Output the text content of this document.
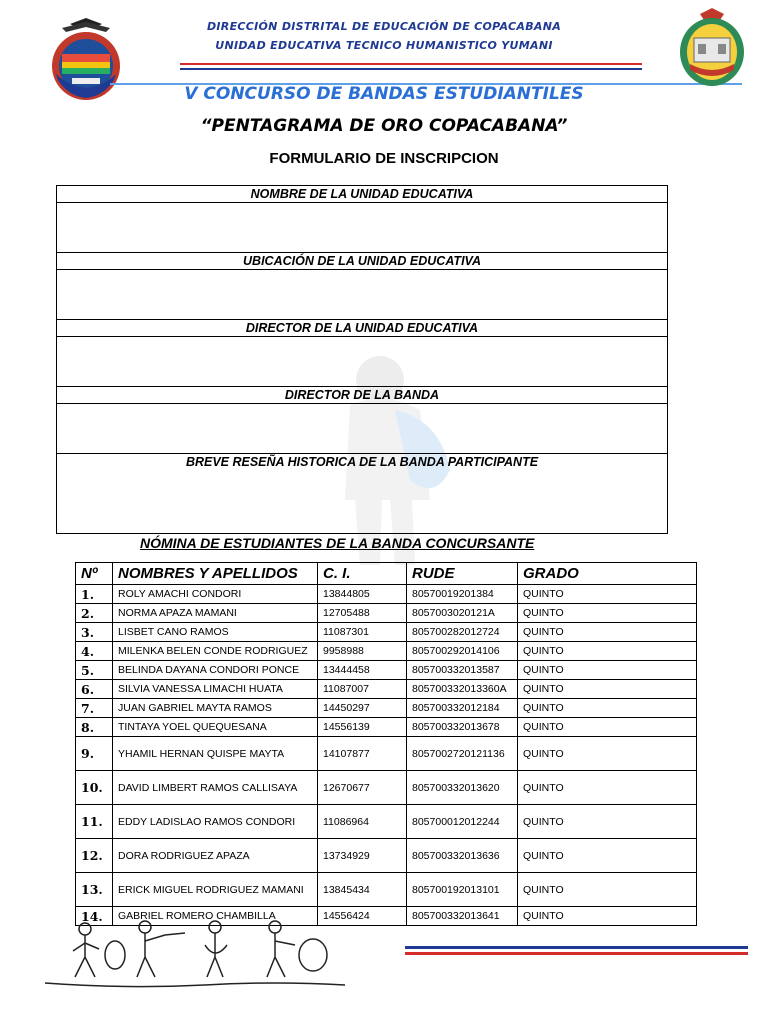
DIRECCIÓN DISTRITAL DE EDUCACIÓN DE COPACABANA
UNIDAD EDUCATIVA TECNICO HUMANISTICO YUMANI
V CONCURSO DE BANDAS ESTUDIANTILES
“PENTAGRAMA DE ORO COPACABANA”
FORMULARIO DE INSCRIPCION
NOMBRE DE LA UNIDAD EDUCATIVA
UBICACIÓN DE LA UNIDAD EDUCATIVA
DIRECTOR DE LA UNIDAD EDUCATIVA
DIRECTOR DE LA BANDA
BREVE RESEÑA HISTORICA DE LA BANDA PARTICIPANTE
NÓMINA DE ESTUDIANTES DE LA BANDA CONCURSANTE
Nº	NOMBRES Y APELLIDOS	C. I.	RUDE	GRADO
1.	ROLY AMACHI CONDORI	13844805	80570019201384	QUINTO
2.	NORMA APAZA MAMANI	12705488	8057003020121A	QUINTO
3.	LISBET CANO RAMOS	11087301	805700282012724	QUINTO
4.	MILENKA BELEN CONDE RODRIGUEZ	9958988	805700292014106	QUINTO
5.	BELINDA DAYANA CONDORI PONCE	13444458	805700332013587	QUINTO
6.	SILVIA VANESSA LIMACHI HUATA	11087007	805700332013360A	QUINTO
7.	JUAN GABRIEL MAYTA RAMOS	14450297	805700332012184	QUINTO
8.	TINTAYA YOEL QUEQUESANA	14556139	805700332013678	QUINTO
9.	YHAMIL HERNAN QUISPE MAYTA	14107877	8057002720121136	QUINTO
10.	DAVID LIMBERT RAMOS CALLISAYA	12670677	805700332013620	QUINTO
11.	EDDY LADISLAO RAMOS CONDORI	11086964	805700012012244	QUINTO
12.	DORA RODRIGUEZ APAZA	13734929	805700332013636	QUINTO
13.	ERICK MIGUEL RODRIGUEZ MAMANI	13845434	805700192013101	QUINTO
14.	GABRIEL ROMERO CHAMBILLA	14556424	805700332013641	QUINTO
